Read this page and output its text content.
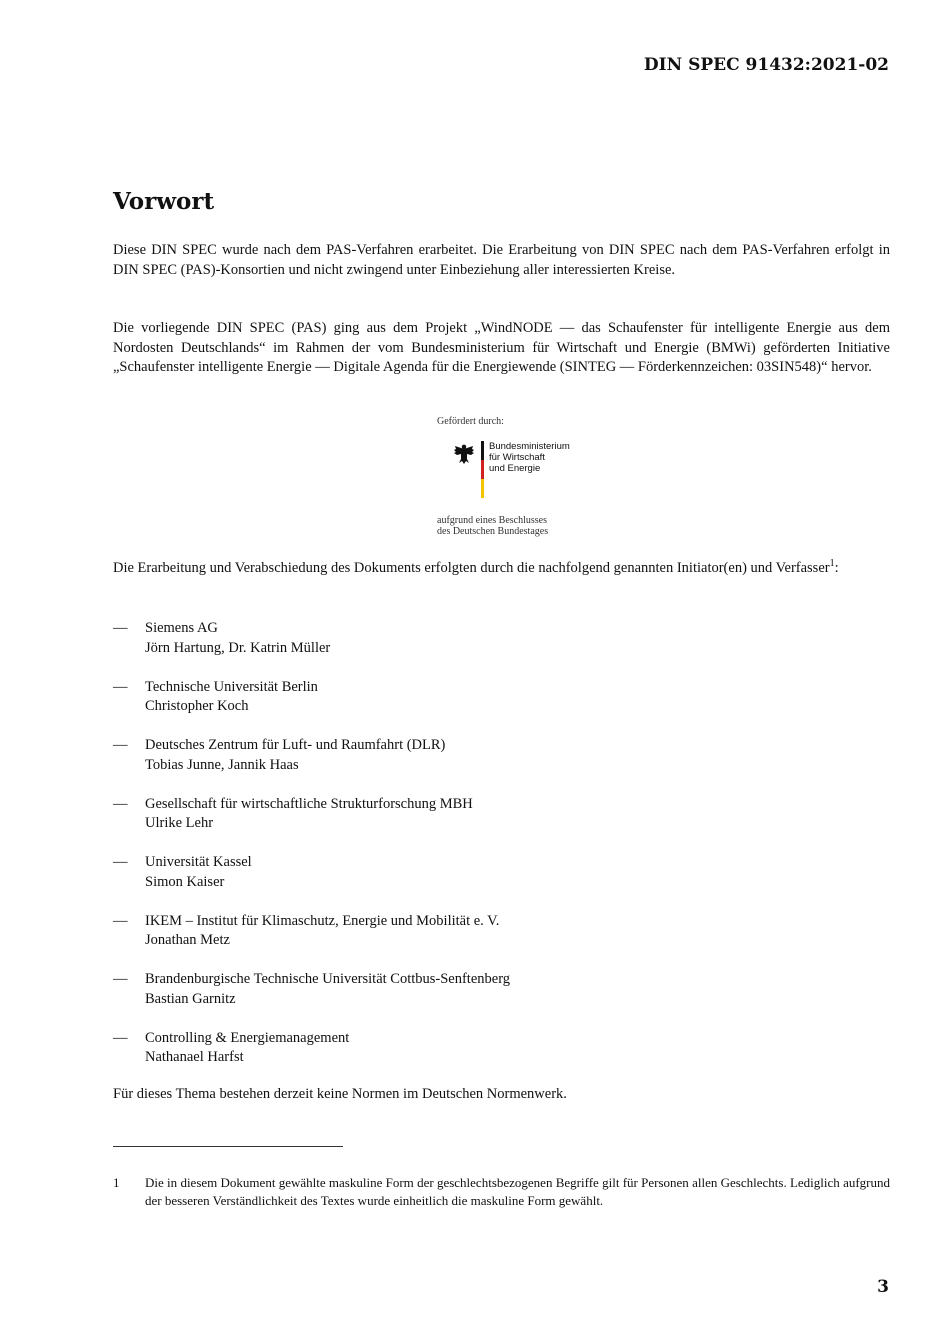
DIN SPEC 91432:2021-02
Vorwort

Diese DIN SPEC wurde nach dem PAS-Verfahren erarbeitet. Die Erarbeitung von DIN SPEC nach dem PAS-Verfahren erfolgt in DIN SPEC (PAS)-Konsortien und nicht zwingend unter Einbeziehung aller interessierten Kreise.

Die vorliegende DIN SPEC (PAS) ging aus dem Projekt „WindNODE — das Schaufenster für intelligente Energie aus dem Nordosten Deutschlands“ im Rahmen der vom Bundesministerium für Wirtschaft und Energie (BMWi) geförderten Initiative „Schaufenster intelligente Energie — Digitale Agenda für die Energiewende (SINTEG — Förderkennzeichen: 03SIN548)“ hervor.

Gefördert durch:
Bundesministerium
für Wirtschaft
und Energie
aufgrund eines Beschlusses
des Deutschen Bundestages

Die Erarbeitung und Verabschiedung des Dokuments erfolgten durch die nachfolgend genannten Initiator(en) und Verfasser$^1$:

— Siemens AG
Jörn Hartung, Dr. Katrin Müller
— Technische Universität Berlin
Christopher Koch
— Deutsches Zentrum für Luft- und Raumfahrt (DLR)
Tobias Junne, Jannik Haas
— Gesellschaft für wirtschaftliche Strukturforschung MBH
Ulrike Lehr
— Universität Kassel
Simon Kaiser
— IKEM – Institut für Klimaschutz, Energie und Mobilität e. V.
Jonathan Metz
— Brandenburgische Technische Universität Cottbus-Senftenberg
Bastian Garnitz
— Controlling & Energiemanagement
Nathanael Harfst

Für dieses Thema bestehen derzeit keine Normen im Deutschen Normenwerk.

1 Die in diesem Dokument gewählte maskuline Form der geschlechtsbezogenen Begriffe gilt für Personen allen Geschlechts. Lediglich aufgrund der besseren Verständlichkeit des Textes wurde einheitlich die maskuline Form gewählt.
3
